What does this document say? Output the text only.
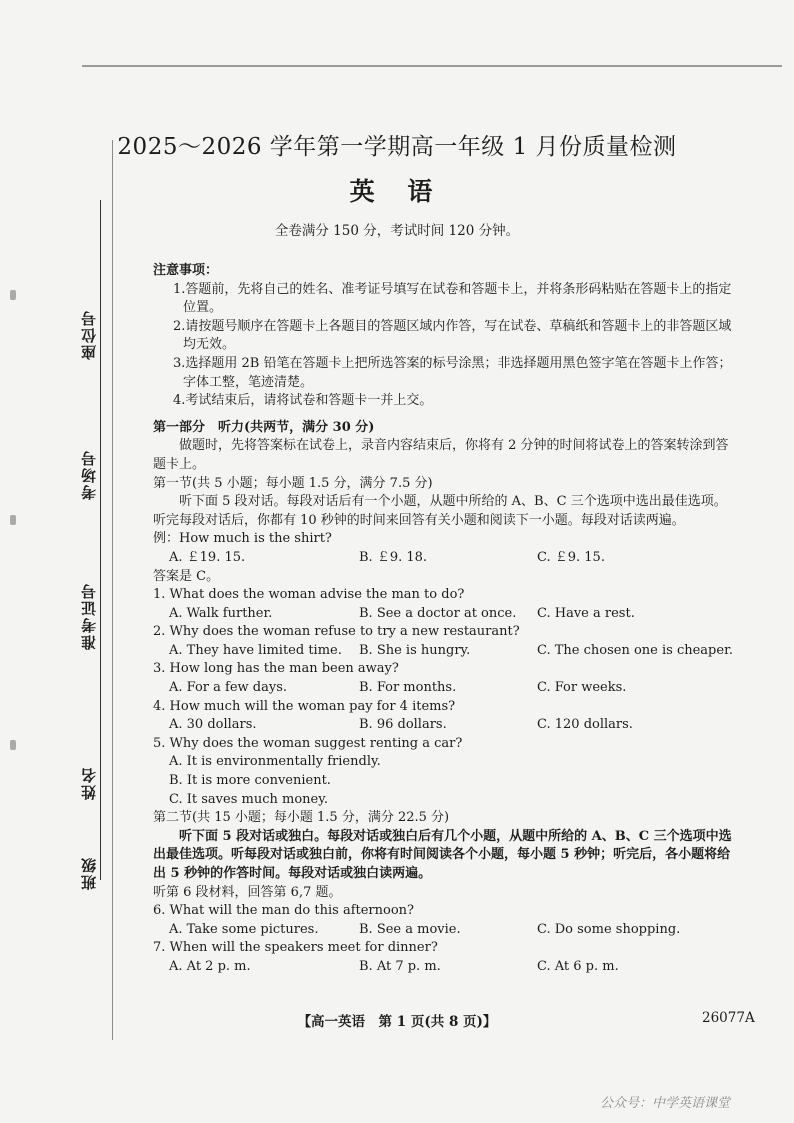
座位号
考场号
准考证号
姓名
班级
2025～2026 学年第一学期高一年级 1 月份质量检测
英 语
全卷满分 150 分，考试时间 120 分钟。

注意事项：

1.答题前，先将自己的姓名、准考证号填写在试卷和答题卡上，并将条形码粘贴在答题卡上的指定位置。

2.请按题号顺序在答题卡上各题目的答题区域内作答，写在试卷、草稿纸和答题卡上的非答题区域均无效。

3.选择题用 2B 铅笔在答题卡上把所选答案的标号涂黑；非选择题用黑色签字笔在答题卡上作答；字体工整，笔迹清楚。

4.考试结束后，请将试卷和答题卡一并上交。

第一部分　听力(共两节，满分 30 分)

做题时，先将答案标在试卷上，录音内容结束后，你将有 2 分钟的时间将试卷上的答案转涂到答题卡上。

第一节(共 5 小题；每小题 1.5 分，满分 7.5 分)

听下面 5 段对话。每段对话后有一个小题，从题中所给的 A、B、C 三个选项中选出最佳选项。听完每段对话后，你都有 10 秒钟的时间来回答有关小题和阅读下一小题。每段对话读两遍。

例：How much is the shirt?

A. ￡19. 15.	B. ￡9. 18.	C. ￡9. 15.

答案是 C。

1. What does the woman advise the man to do?

A. Walk further.	B. See a doctor at once.	C. Have a rest.

2. Why does the woman refuse to try a new restaurant?

A. They have limited time.	B. She is hungry.	C. The chosen one is cheaper.

3. How long has the man been away?

A. For a few days.	B. For months.	C. For weeks.

4. How much will the woman pay for 4 items?

A. 30 dollars.	B. 96 dollars.	C. 120 dollars.

5. Why does the woman suggest renting a car?

A. It is environmentally friendly.

B. It is more convenient.

C. It saves much money.

第二节(共 15 小题；每小题 1.5 分，满分 22.5 分)

听下面 5 段对话或独白。每段对话或独白后有几个小题，从题中所给的 A、B、C 三个选项中选出最佳选项。听每段对话或独白前，你将有时间阅读各个小题，每小题 5 秒钟；听完后，各小题将给出 5 秒钟的作答时间。每段对话或独白读两遍。

听第 6 段材料，回答第 6,7 题。

6. What will the man do this afternoon?

A. Take some pictures.	B. See a movie.	C. Do some shopping.

7. When will the speakers meet for dinner?

A. At 2 p. m.	B. At 7 p. m.	C. At 6 p. m.
【高一英语　第 1 页(共 8 页)】	26077A
公众号：中学英语课堂
